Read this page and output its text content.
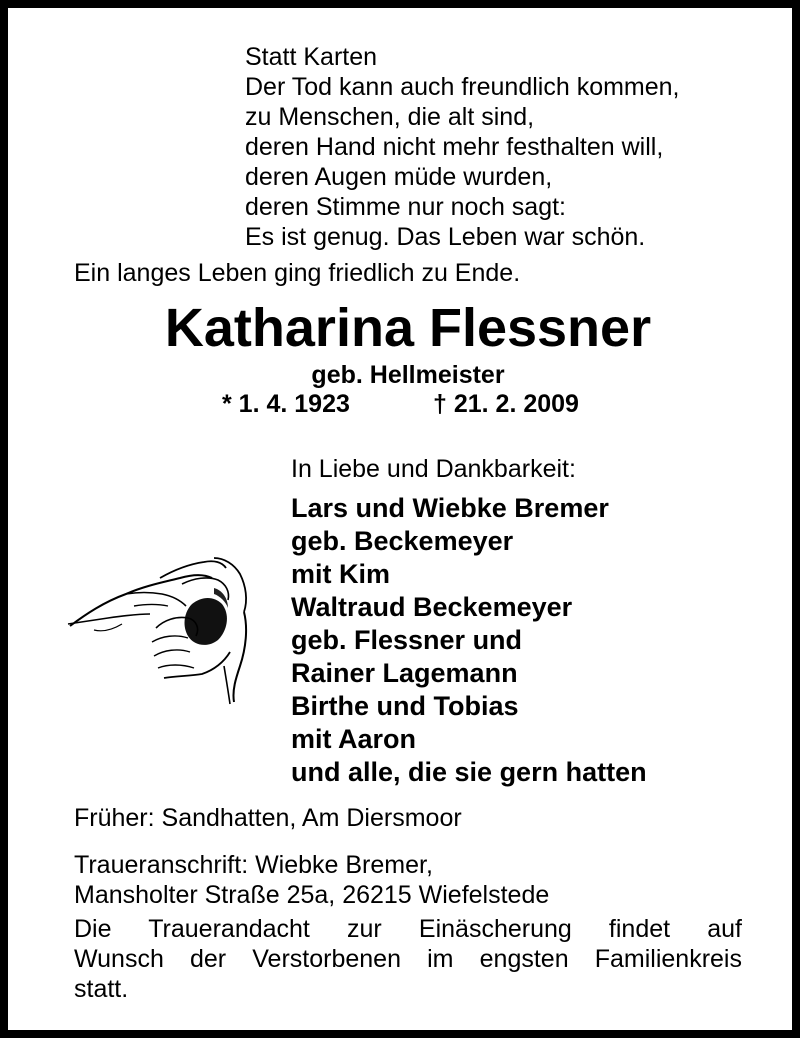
Statt Karten
Der Tod kann auch freundlich kommen,
zu Menschen, die alt sind,
deren Hand nicht mehr festhalten will,
deren Augen müde wurden,
deren Stimme nur noch sagt:
Es ist genug. Das Leben war schön.
Ein langes Leben ging friedlich zu Ende.
Katharina Flessner
geb. Hellmeister
* 1. 4. 1923	† 21. 2. 2009
In Liebe und Dankbarkeit:
Lars und Wiebke Bremer
geb. Beckemeyer
mit Kim
Waltraud Beckemeyer
geb. Flessner und
Rainer Lagemann
Birthe und Tobias
mit Aaron
und alle, die sie gern hatten
Früher: Sandhatten, Am Diersmoor
Traueranschrift: Wiebke Bremer,
Mansholter Straße 25a, 26215 Wiefelstede
Die Trauerandacht zur Einäscherung findet auf
Wunsch der Verstorbenen im engsten Familienkreis
statt.
